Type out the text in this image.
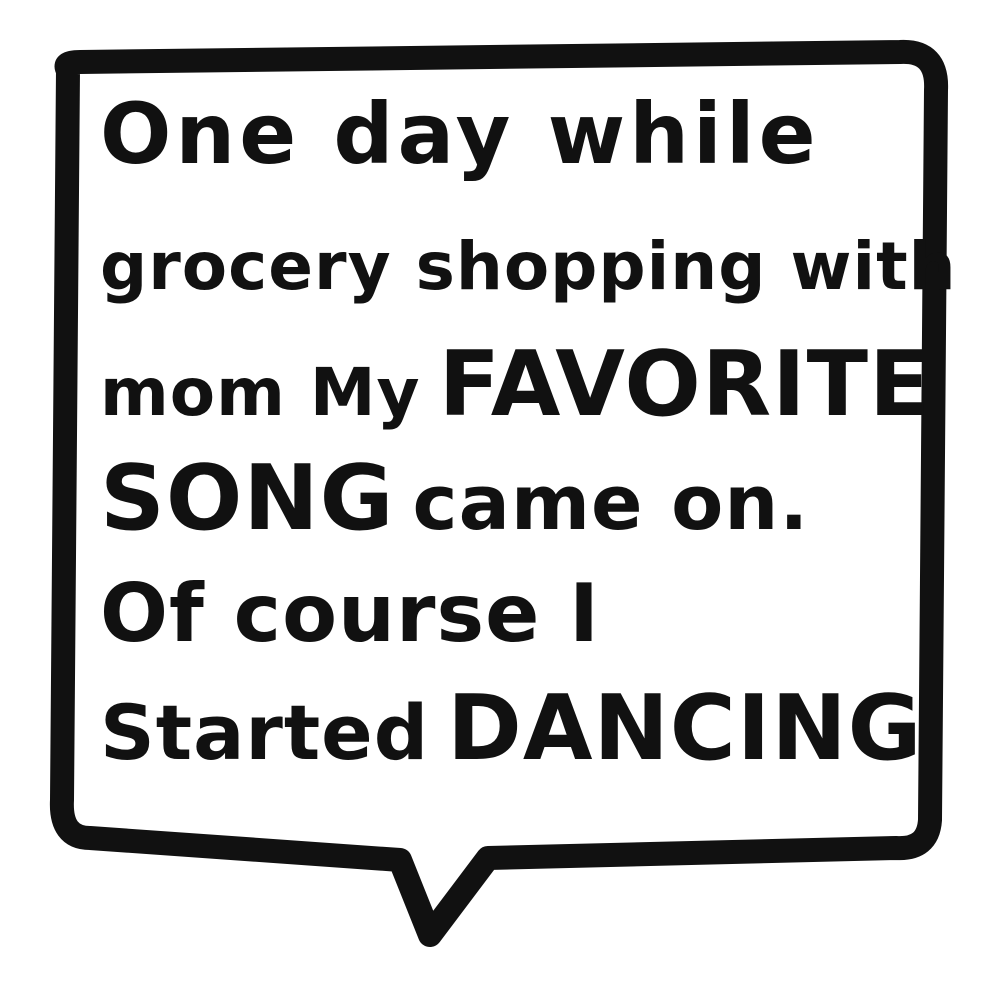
One day while
grocery shopping with
mom My FAVORITE
SONG came on.
Of course I
Started DANCING
